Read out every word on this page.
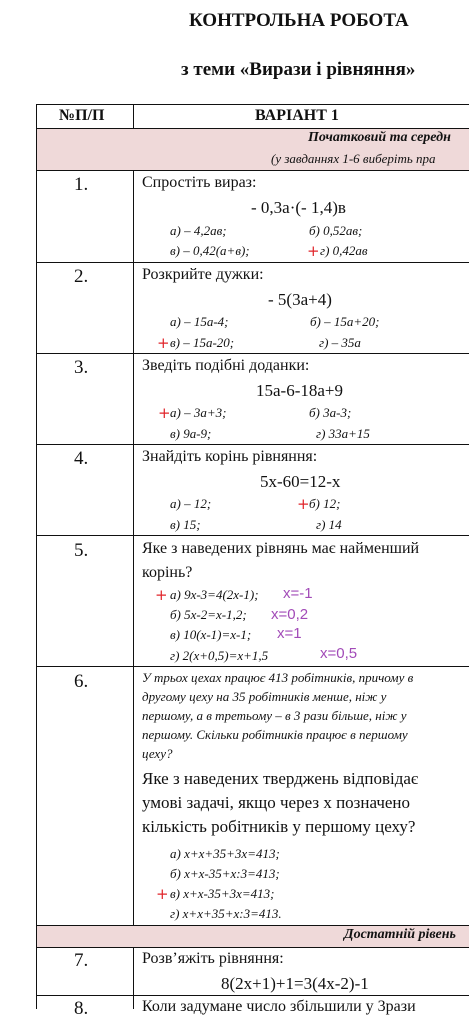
КОНТРОЛЬНА РОБОТА
з теми «Вирази і рівняння»
№П/П	ВАРІАНТ 1
Початковий та середн
(у завданнях 1-6 виберіть пра
1.	Спростіть вираз:
- 0,3a·(- 1,4)в
а) – 4,2ав;	б) 0,52ав;
в) – 0,42(а+в);	+ г) 0,42ав
2.	Розкрийте дужки:
- 5(3a+4)
а) – 15а-4;	б) – 15а+20;
+ в) – 15а-20;	г) – 35а
3.	Зведіть подібні доданки:
15a-6-18a+9
+ а) – 3а+3;	б) 3а-3;
в) 9а-9;	г) 33а+15
4.	Знайдіть корінь рівняння:
5x-60=12-x
а) – 12;	+ б) 12;
в) 15;	г) 14
5.	Яке з наведених рівнянь має найменший
корінь?
+ а) 9х-3=4(2х-1); x=-1
б) 5х-2=х-1,2; x=0,2
в) 10(х-1)=х-1; x=1
г) 2(х+0,5)=х+1,5	x=0,5
6.	У трьох цехах працює 413 робітників, причому в
другому цеху на 35 робітників менше, ніж у
першому, а в третьому – в 3 рази більше, ніж у
першому. Скільки робітників працює в першому
цеху?
Яке з наведених тверджень відповідає
умові задачі, якщо через х позначено
кількість робітників у першому цеху?
а) х+х+35+3х=413;
б) х+х-35+х:3=413;
+ в) х+х-35+3х=413;
г) х+х+35+х:3=413.
Достатній рівень
7.	Розв’яжіть рівняння:
8(2x+1)+1=3(4x-2)-1
8.	Коли задумане число збільшили у 3рази
